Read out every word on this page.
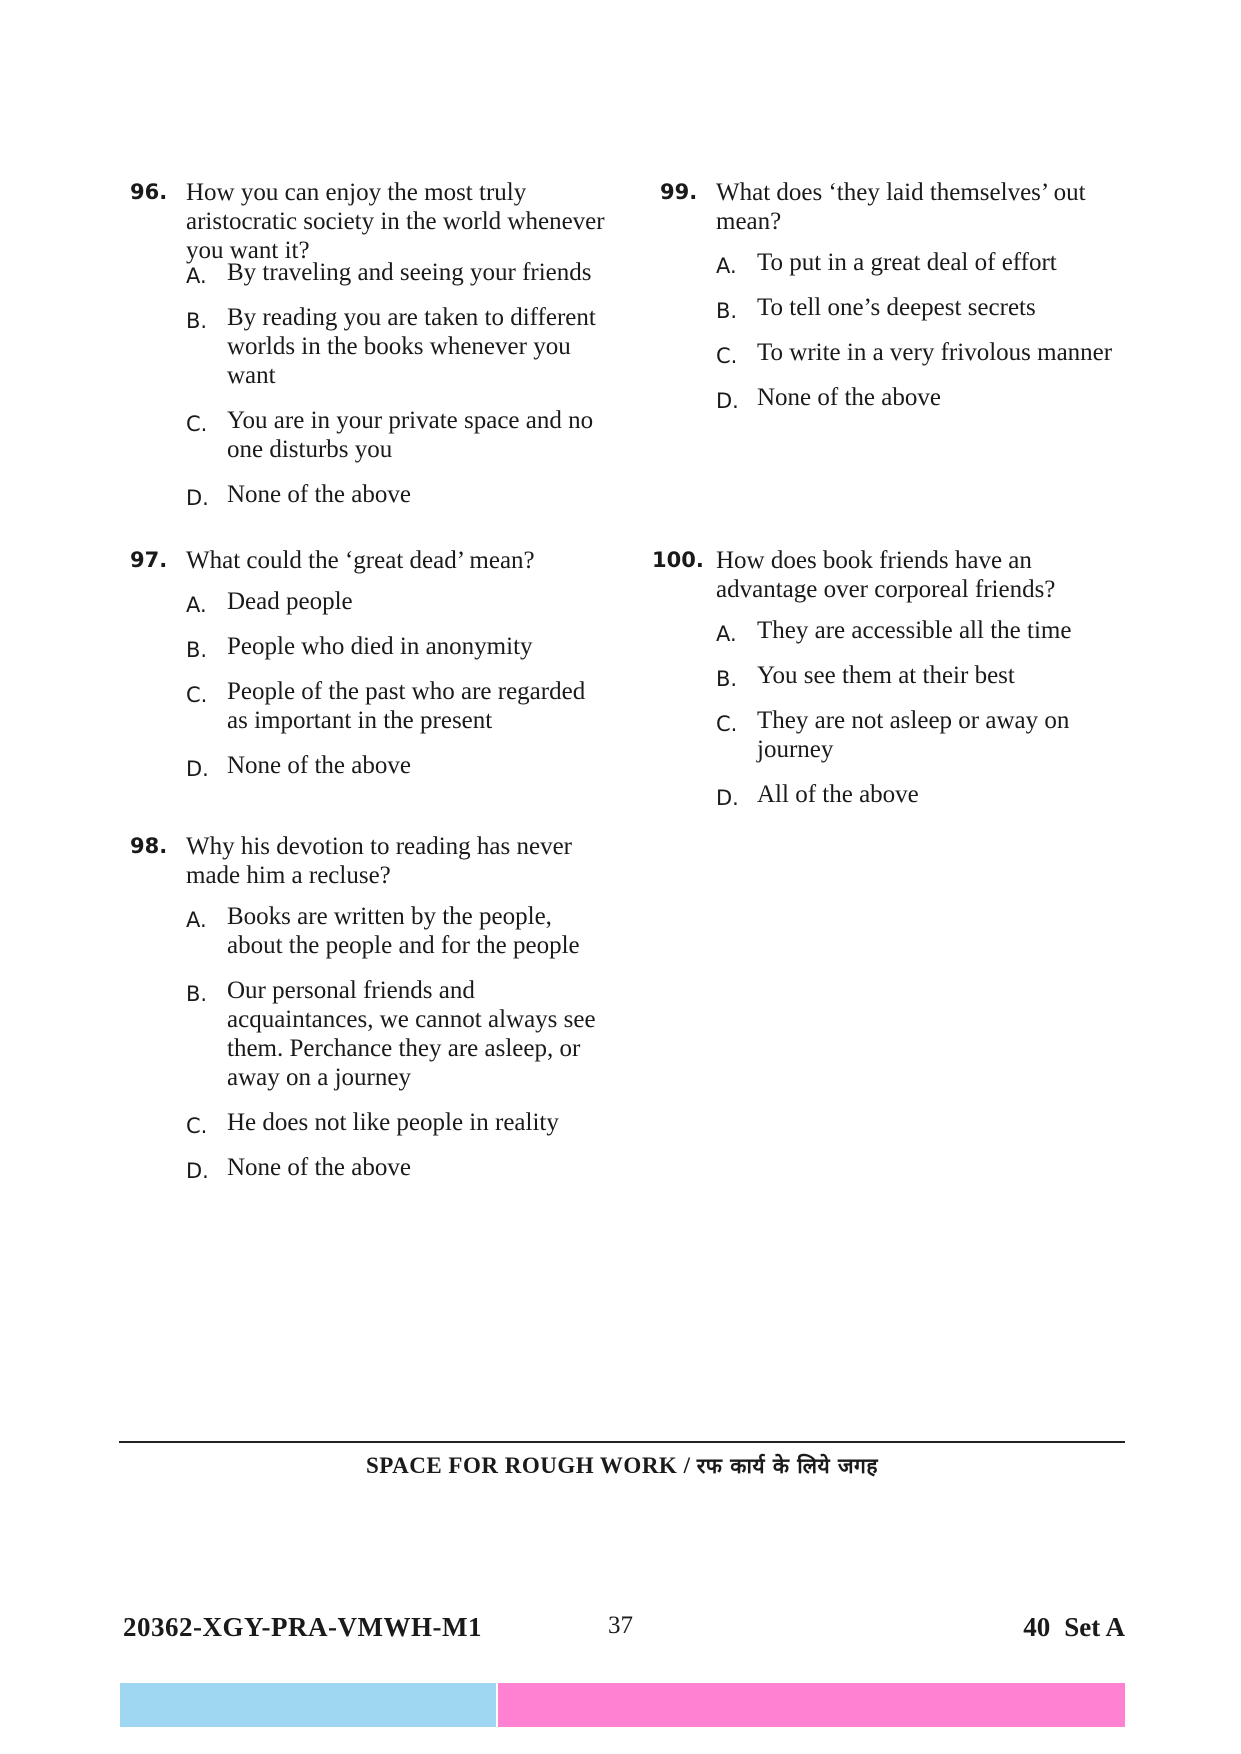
96. How you can enjoy the most truly aristocratic society in the world whenever you want it?
A. By traveling and seeing your friends
B. By reading you are taken to different worlds in the books whenever you want
C. You are in your private space and no one disturbs you
D. None of the above
97. What could the ‘great dead’ mean?
A. Dead people
B. People who died in anonymity
C. People of the past who are regarded as important in the present
D. None of the above
98. Why his devotion to reading has never made him a recluse?
A. Books are written by the people, about the people and for the people
B. Our personal friends and acquaintances, we cannot always see them. Perchance they are asleep, or away on a journey
C. He does not like people in reality
D. None of the above
99. What does ‘they laid themselves’ out mean?
A. To put in a great deal of effort
B. To tell one’s deepest secrets
C. To write in a very frivolous manner
D. None of the above
100. How does book friends have an advantage over corporeal friends?
A. They are accessible all the time
B. You see them at their best
C. They are not asleep or away on journey
D. All of the above
SPACE FOR ROUGH WORK / रफ कार्य के लिये जगह
20362-XGY-PRA-VMWH-M1	37	40 Set A
